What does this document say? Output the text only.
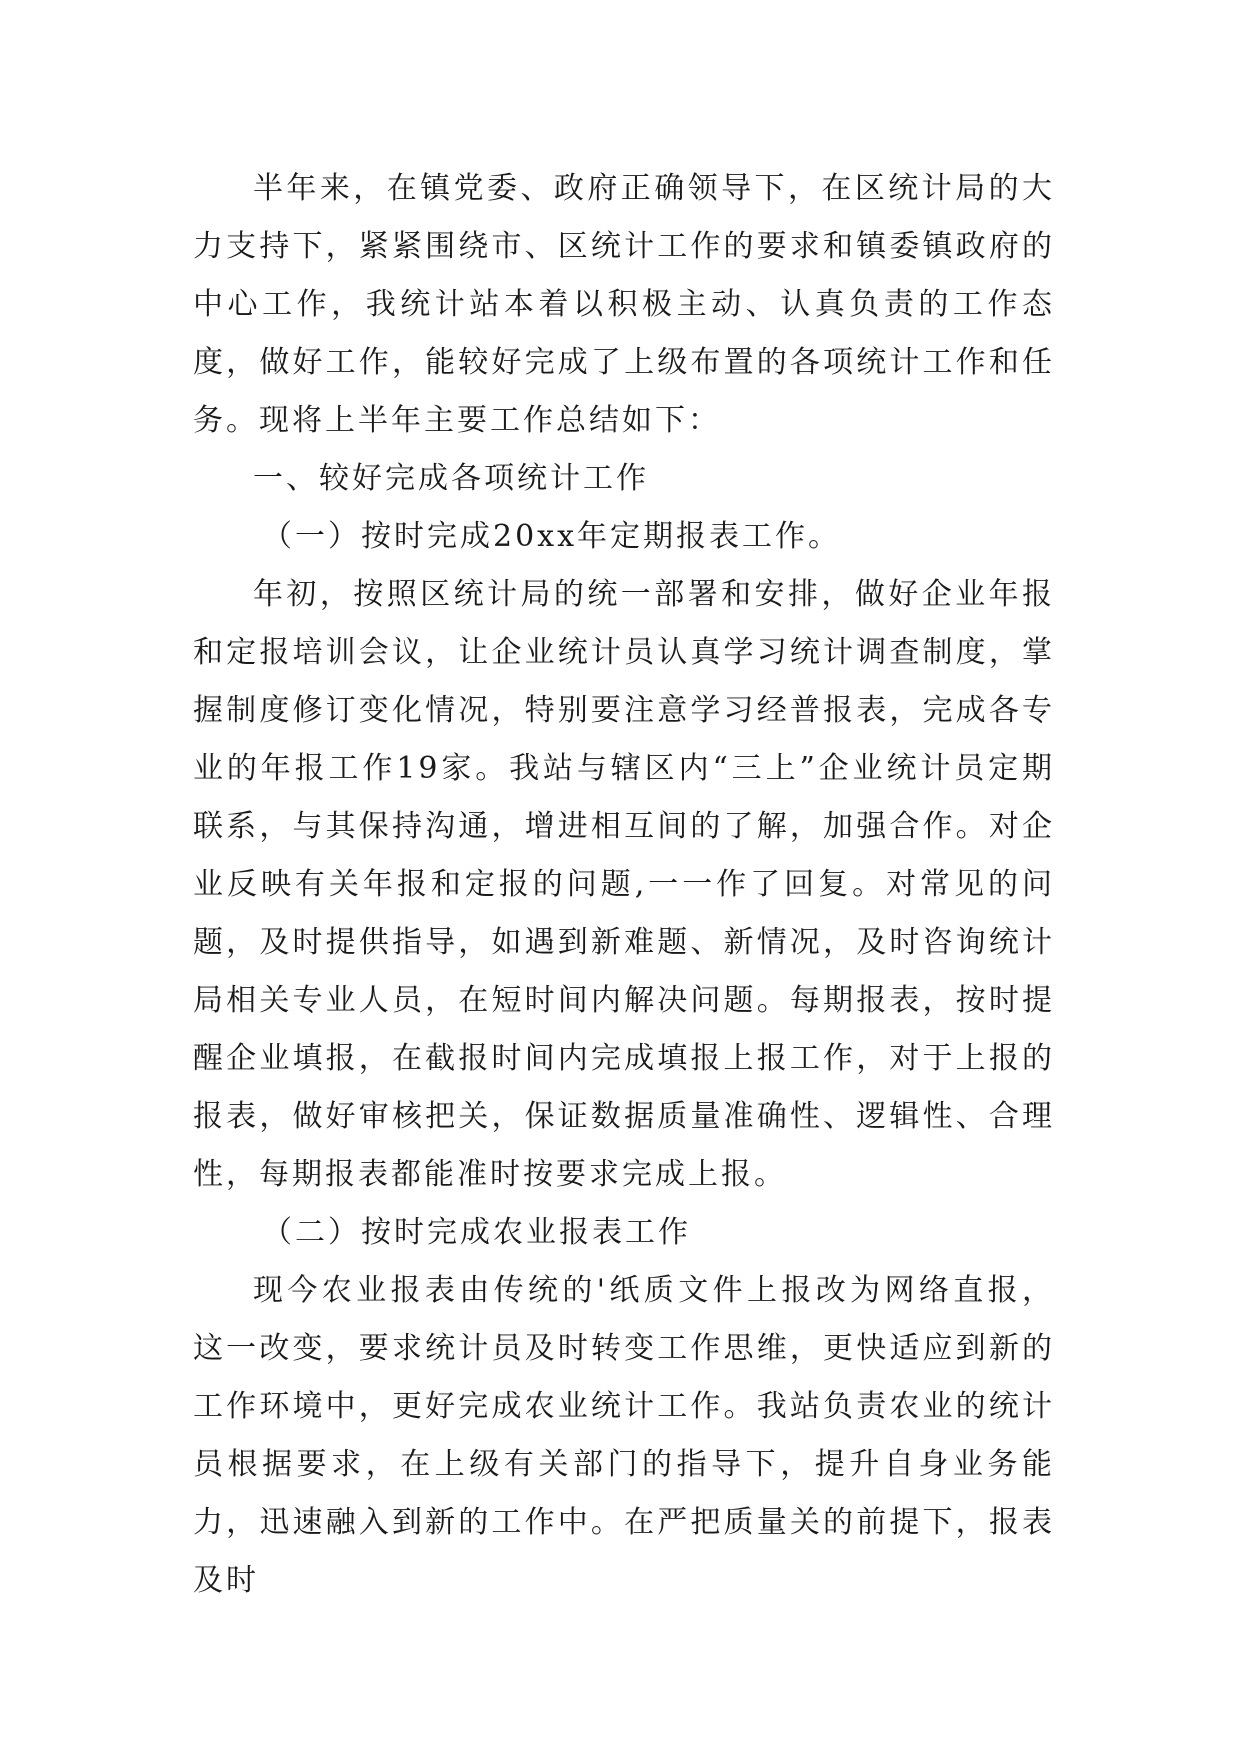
半年来，在镇党委、政府正确领导下，在区统计局的大力支持下，紧紧围绕市、区统计工作的要求和镇委镇政府的中心工作，我统计站本着以积极主动、认真负责的工作态度，做好工作，能较好完成了上级布置的各项统计工作和任务。现将上半年主要工作总结如下：

一、较好完成各项统计工作

（一）按时完成20xx年定期报表工作。

年初，按照区统计局的统一部署和安排，做好企业年报和定报培训会议，让企业统计员认真学习统计调查制度，掌握制度修订变化情况，特别要注意学习经普报表，完成各专业的年报工作19家。我站与辖区内“三上”企业统计员定期联系，与其保持沟通，增进相互间的了解，加强合作。对企业反映有关年报和定报的问题,一一作了回复。对常见的问题，及时提供指导，如遇到新难题、新情况，及时咨询统计局相关专业人员，在短时间内解决问题。每期报表，按时提醒企业填报，在截报时间内完成填报上报工作，对于上报的报表，做好审核把关，保证数据质量准确性、逻辑性、合理性，每期报表都能准时按要求完成上报。

（二）按时完成农业报表工作

现今农业报表由传统的'纸质文件上报改为网络直报，这一改变，要求统计员及时转变工作思维，更快适应到新的工作环境中，更好完成农业统计工作。我站负责农业的统计员根据要求，在上级有关部门的指导下，提升自身业务能力，迅速融入到新的工作中。在严把质量关的前提下，报表及时
